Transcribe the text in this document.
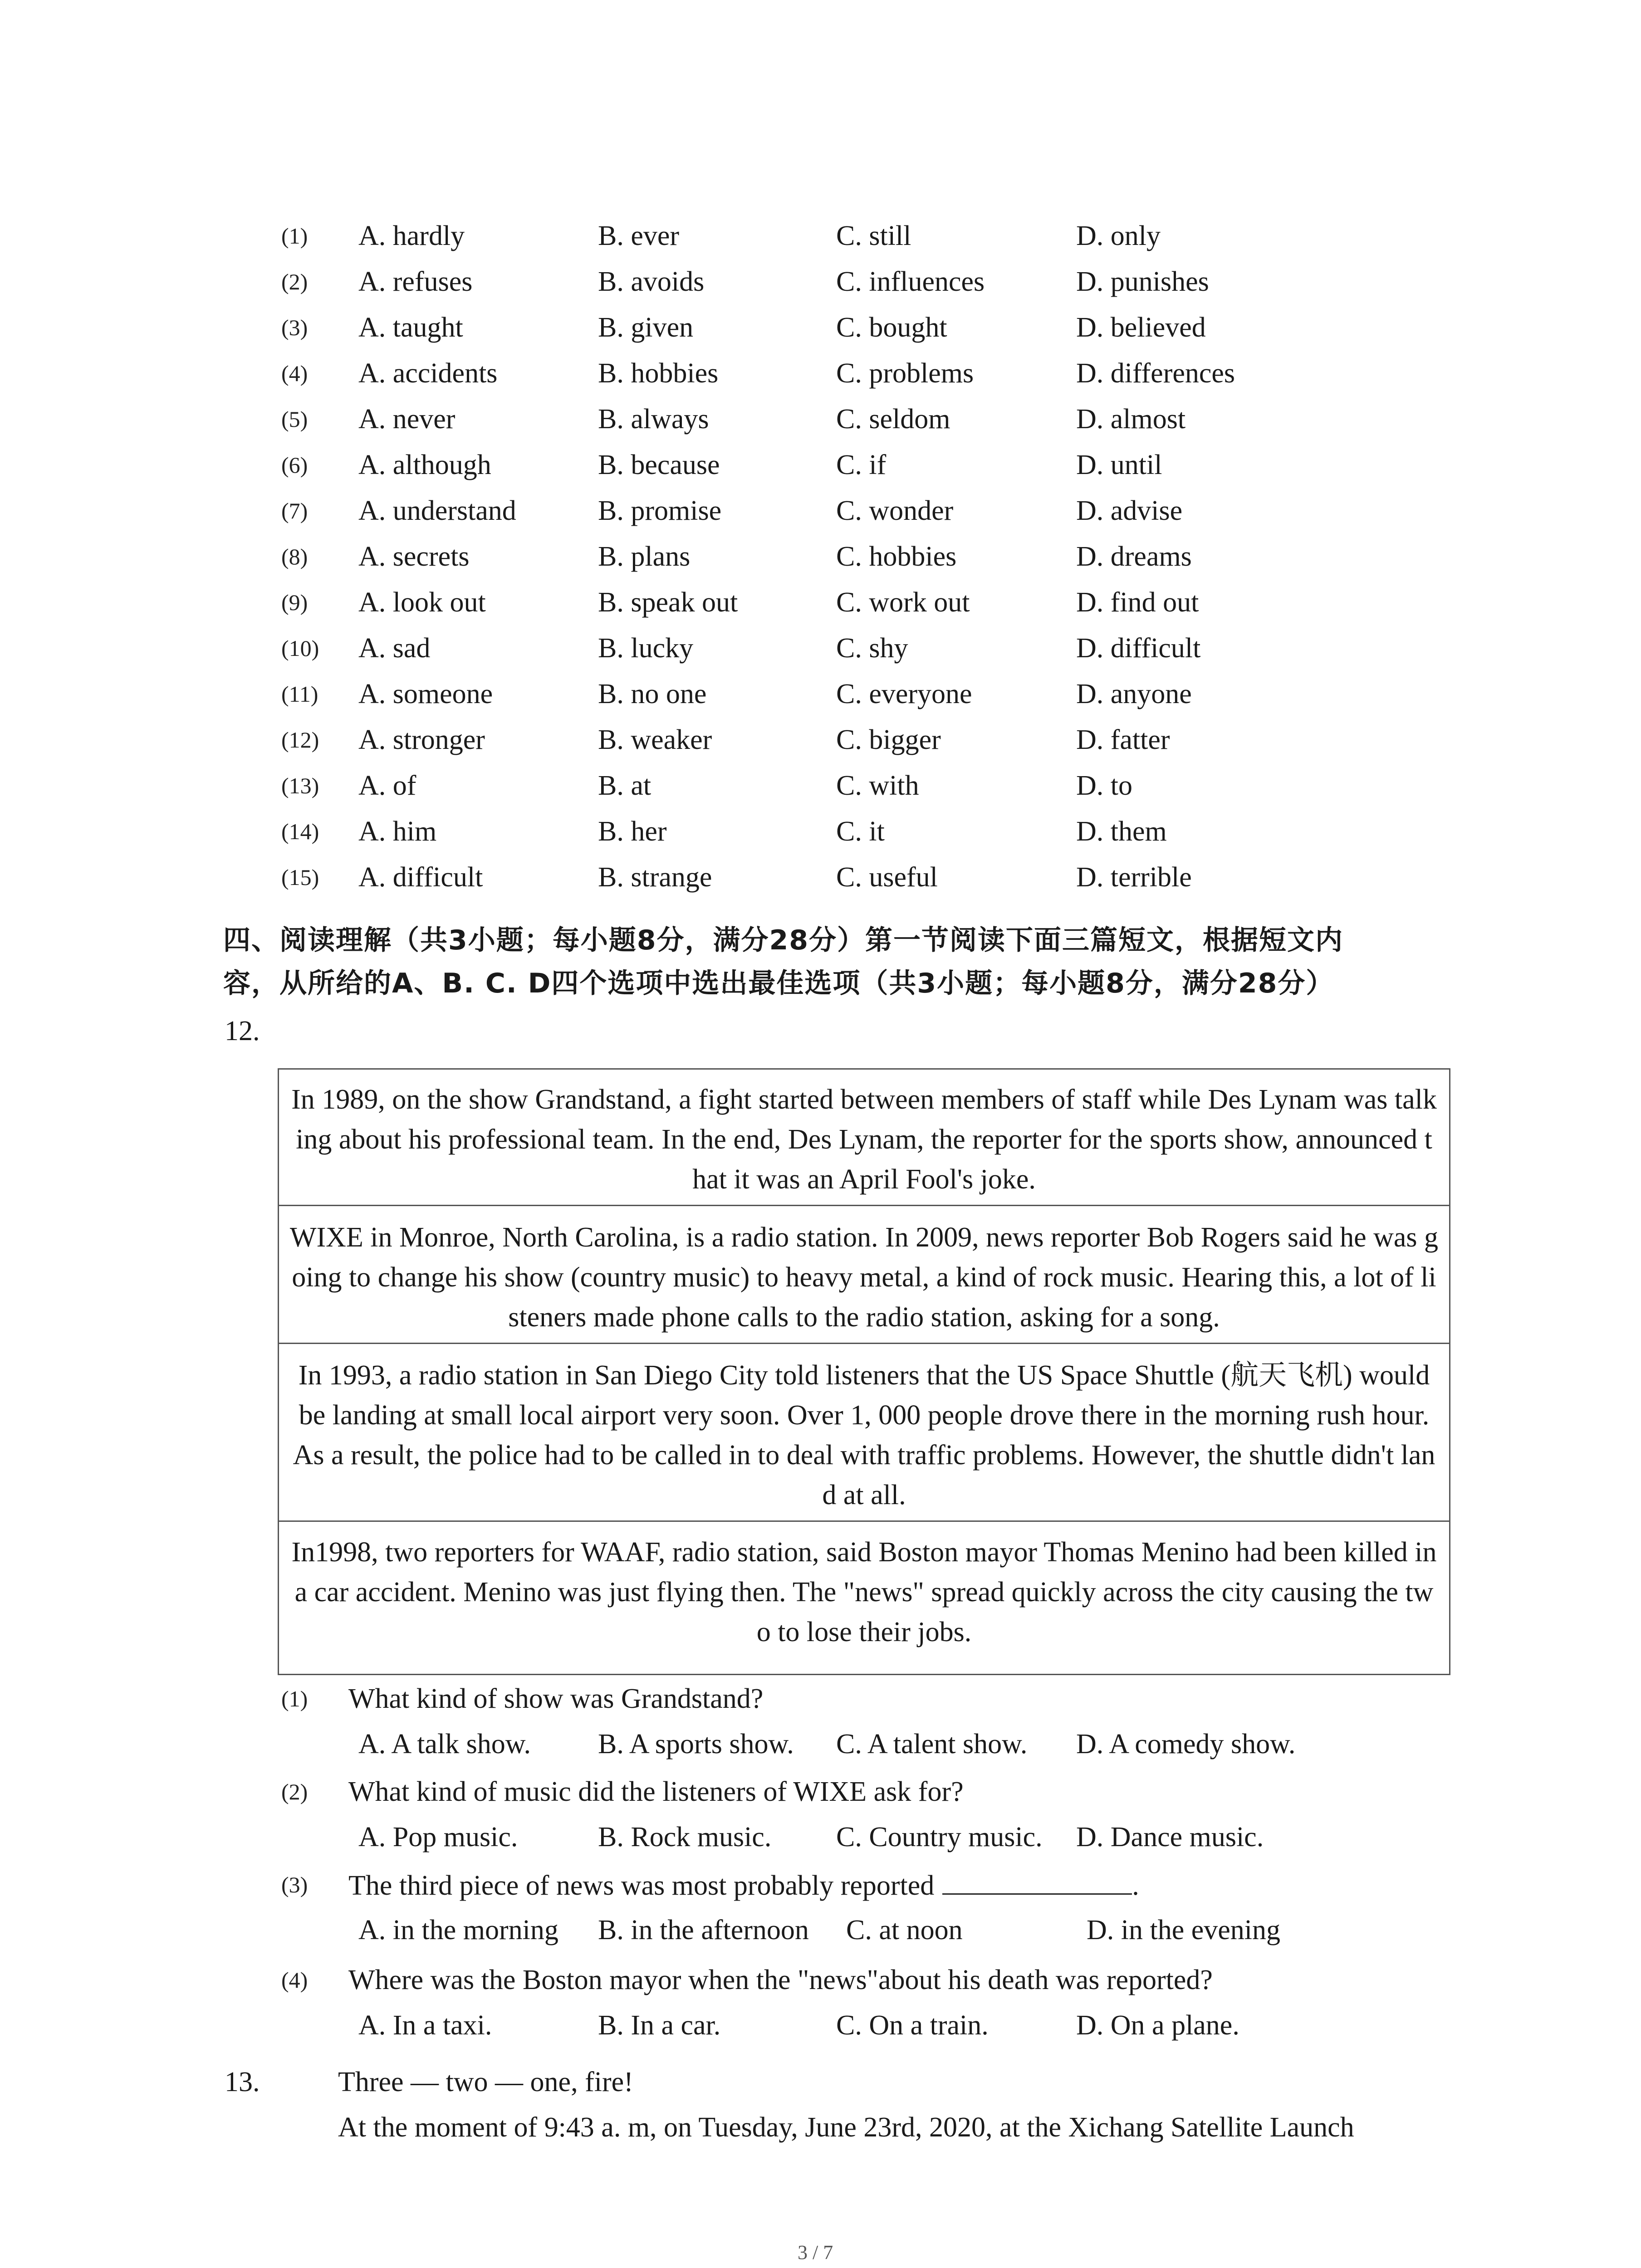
(1) A. hardly	B. ever	C. still	D. only
(2) A. refuses	B. avoids	C. influences	D. punishes
(3) A. taught	B. given	C. bought	D. believed
(4) A. accidents	B. hobbies	C. problems	D. differences
(5) A. never	B. always	C. seldom	D. almost
(6) A. although	B. because	C. if	D. until
(7) A. understand	B. promise	C. wonder	D. advise
(8) A. secrets	B. plans	C. hobbies	D. dreams
(9) A. look out	B. speak out	C. work out	D. find out
(10) A. sad	B. lucky	C. shy	D. difficult
(11) A. someone	B. no one	C. everyone	D. anyone
(12) A. stronger	B. weaker	C. bigger	D. fatter
(13) A. of	B. at	C. with	D. to
(14) A. him	B. her	C. it	D. them
(15) A. difficult	B. strange	C. useful	D. terrible
四、阅读理解（共3小题；每小题8分，满分28分）第一节阅读下面三篇短文，根据短文内
容，从所给的A、B. C. D四个选项中选出最佳选项（共3小题；每小题8分，满分28分）
12.
In 1989, on the show Grandstand, a fight started between members of staff while Des Lynam was talking about his professional team. In the end, Des Lynam, the reporter for the sports show, announced that it was an April Fool's joke.
WIXE in Monroe, North Carolina, is a radio station. In 2009, news reporter Bob Rogers said he was going to change his show (country music) to heavy metal, a kind of rock music. Hearing this, a lot of listeners made phone calls to the radio station, asking for a song.
In 1993, a radio station in San Diego City told listeners that the US Space Shuttle (航天飞机) would be landing at small local airport very soon. Over 1, 000 people drove there in the morning rush hour. As a result, the police had to be called in to deal with traffic problems. However, the shuttle didn't land at all.
In1998, two reporters for WAAF, radio station, said Boston mayor Thomas Menino had been killed in a car accident. Menino was just flying then. The "news" spread quickly across the city causing the two to lose their jobs.
(1) What kind of show was Grandstand?
A. A talk show. B. A sports show. C. A talent show. D. A comedy show.
(2) What kind of music did the listeners of WIXE ask for?
A. Pop music.	B. Rock music. C. Country music. D. Dance music.
(3) The third piece of news was most probably reported	.
A. in the morning B. in the afternoon C. at noon	D. in the evening
(4) Where was the Boston mayor when the "news"about his death was reported?
A. In a taxi.	B. In a car.	C. On a train.	D. On a plane.
13.	Three — two — one, fire!
At the moment of 9:43 a. m, on Tuesday, June 23rd, 2020, at the Xichang Satellite Launch
3 / 7
